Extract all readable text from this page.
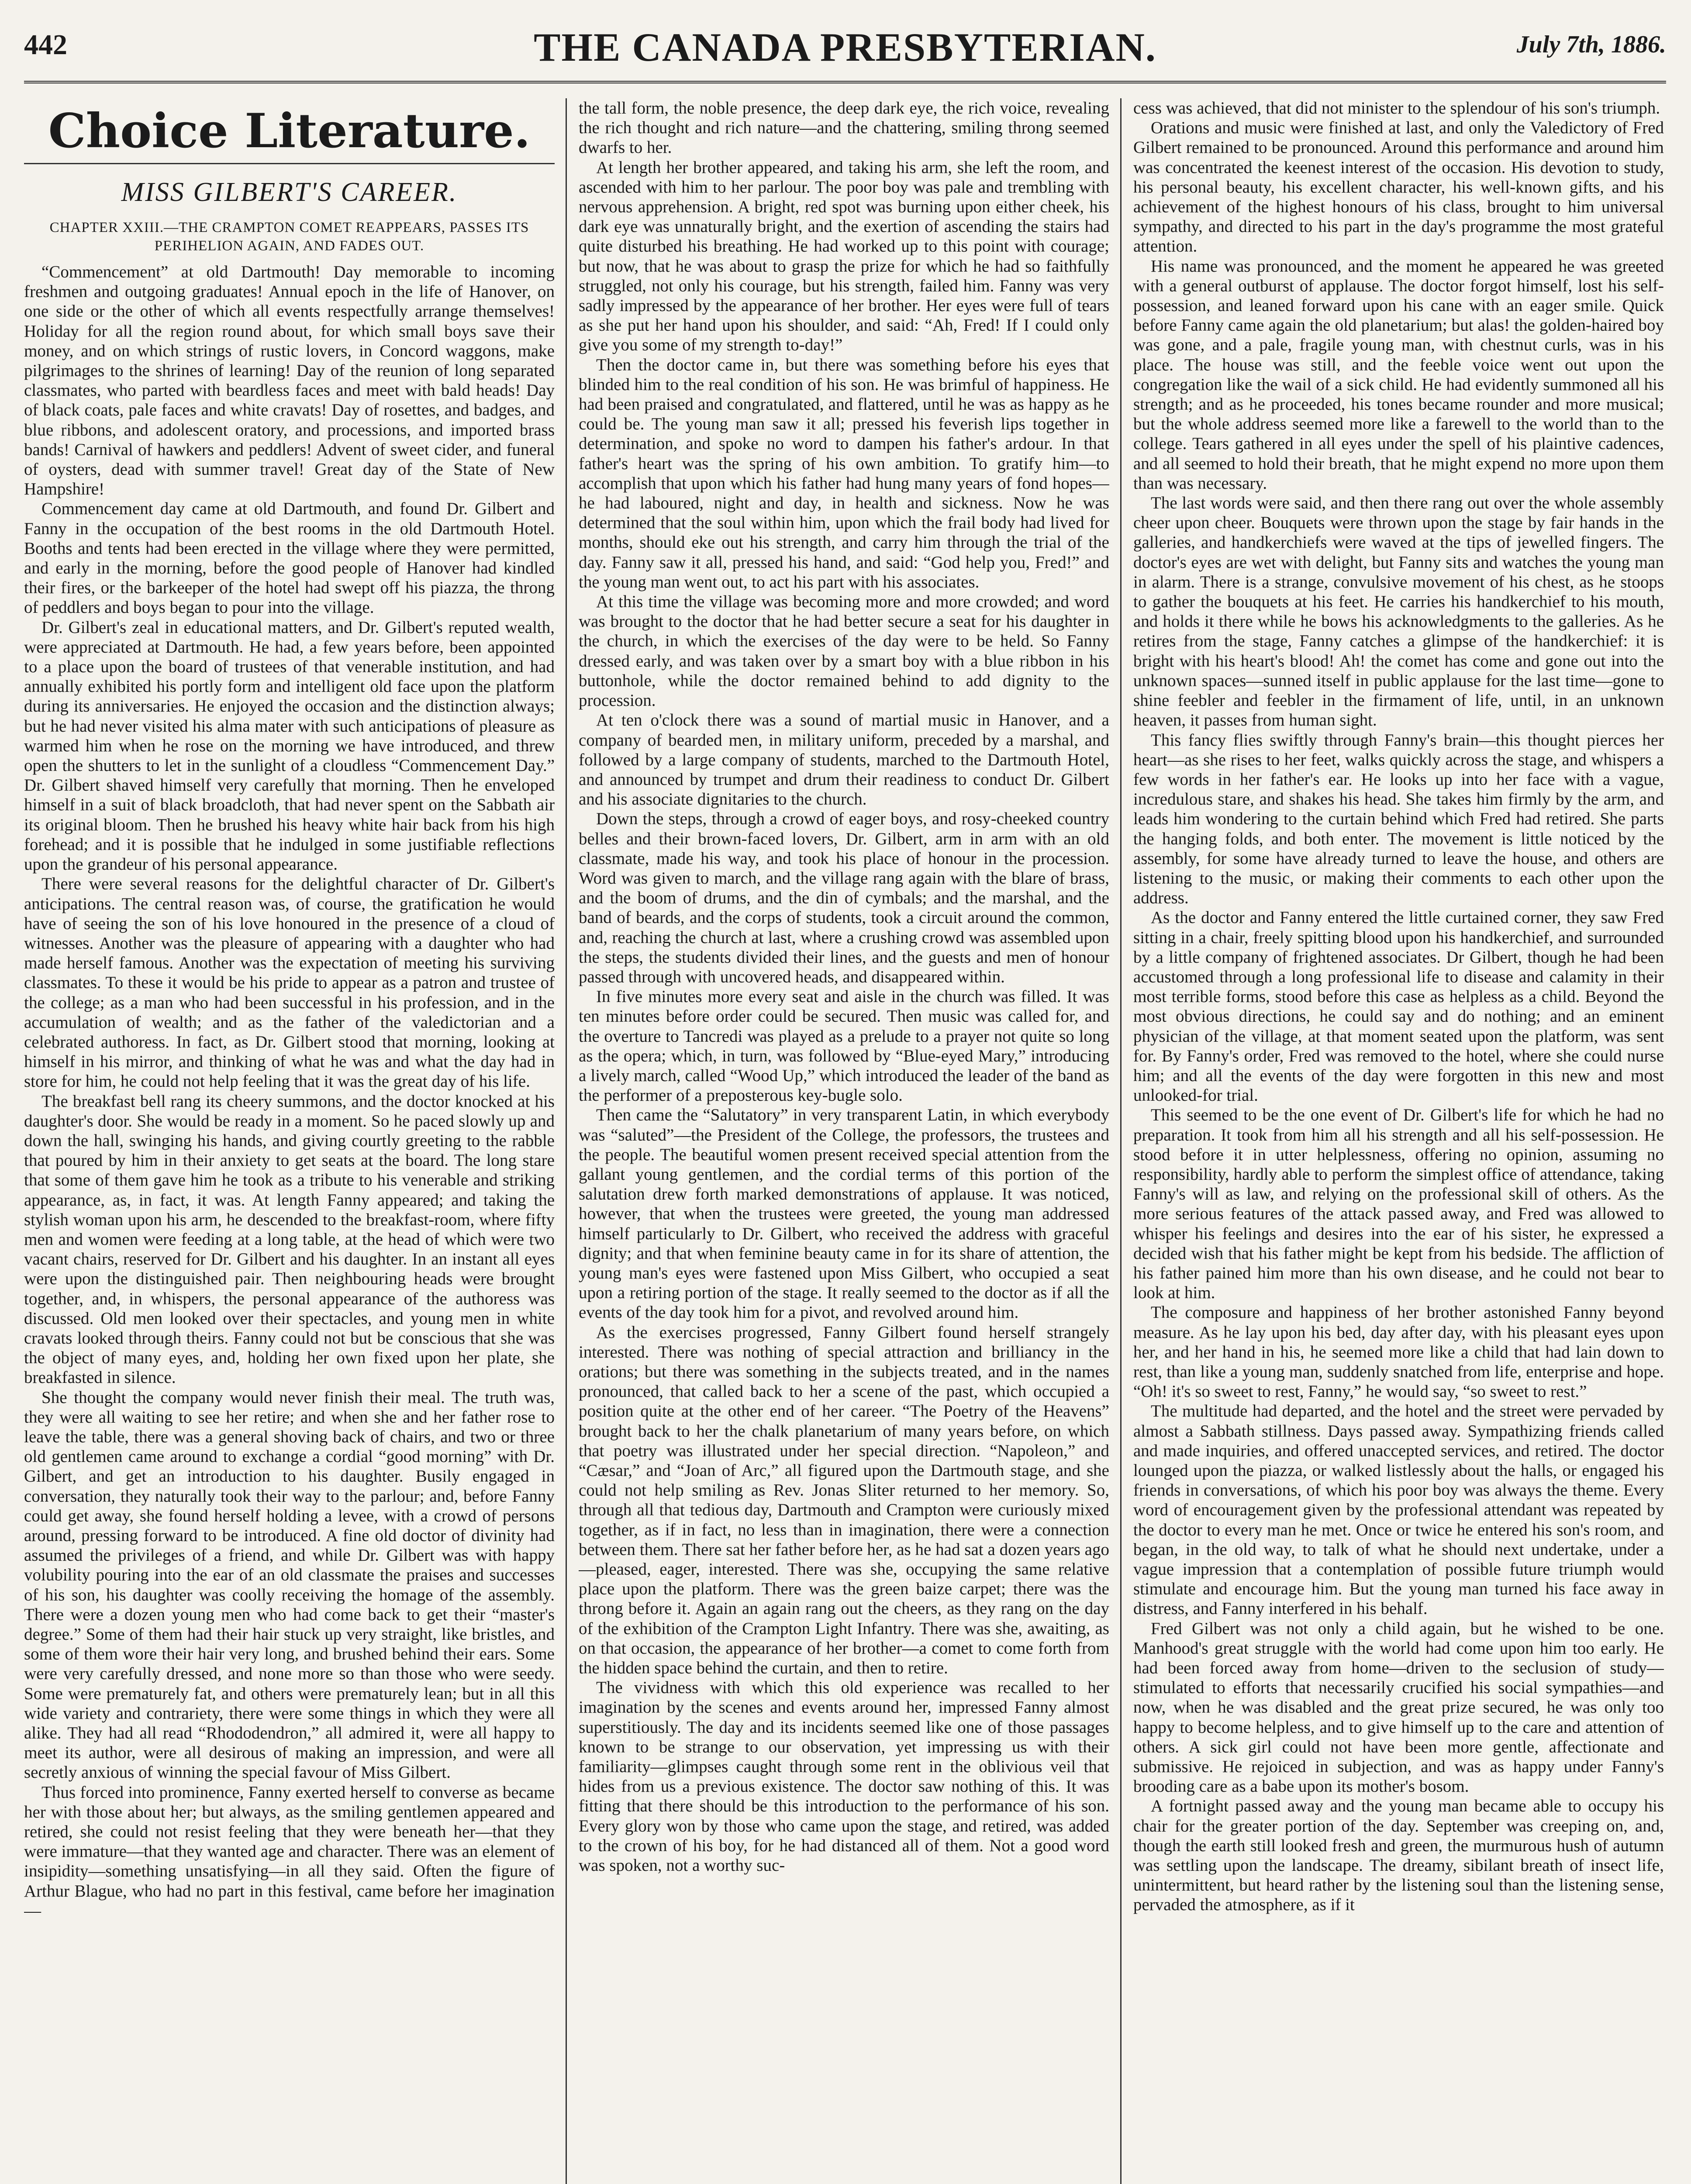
442	THE CANADA PRESBYTERIAN.	July 7th, 1886.
Choice Literature.
MISS GILBERT'S CAREER.
CHAPTER XXIII.—THE CRAMPTON COMET REAPPEARS, PASSES ITS PERIHELION AGAIN, AND FADES OUT.

“Commencement” at old Dartmouth! Day memorable to incoming freshmen and outgoing graduates! Annual epoch in the life of Hanover, on one side or the other of which all events respectfully arrange themselves! Holiday for all the region round about, for which small boys save their money, and on which strings of rustic lovers, in Concord waggons, make pilgrimages to the shrines of learning! Day of the reunion of long separated classmates, who parted with beardless faces and meet with bald heads! Day of black coats, pale faces and white cravats! Day of rosettes, and badges, and blue ribbons, and adolescent oratory, and processions, and imported brass bands! Carnival of hawkers and peddlers! Advent of sweet cider, and funeral of oysters, dead with summer travel! Great day of the State of New Hampshire!

Commencement day came at old Dartmouth, and found Dr. Gilbert and Fanny in the occupation of the best rooms in the old Dartmouth Hotel. Booths and tents had been erected in the village where they were permitted, and early in the morning, before the good people of Hanover had kindled their fires, or the barkeeper of the hotel had swept off his piazza, the throng of peddlers and boys began to pour into the village.

Dr. Gilbert's zeal in educational matters, and Dr. Gilbert's reputed wealth, were appreciated at Dartmouth. He had, a few years before, been appointed to a place upon the board of trustees of that venerable institution, and had annually exhibited his portly form and intelligent old face upon the platform during its anniversaries. He enjoyed the occasion and the distinction always; but he had never visited his alma mater with such anticipations of pleasure as warmed him when he rose on the morning we have introduced, and threw open the shutters to let in the sunlight of a cloudless “Commencement Day.” Dr. Gilbert shaved himself very carefully that morning. Then he enveloped himself in a suit of black broadcloth, that had never spent on the Sabbath air its original bloom. Then he brushed his heavy white hair back from his high forehead; and it is possible that he indulged in some justifiable reflections upon the grandeur of his personal appearance.

There were several reasons for the delightful character of Dr. Gilbert's anticipations. The central reason was, of course, the gratification he would have of seeing the son of his love honoured in the presence of a cloud of witnesses. Another was the pleasure of appearing with a daughter who had made herself famous. Another was the expectation of meeting his surviving classmates. To these it would be his pride to appear as a patron and trustee of the college; as a man who had been successful in his profession, and in the accumulation of wealth; and as the father of the valedictorian and a celebrated authoress. In fact, as Dr. Gilbert stood that morning, looking at himself in his mirror, and thinking of what he was and what the day had in store for him, he could not help feeling that it was the great day of his life.

The breakfast bell rang its cheery summons, and the doctor knocked at his daughter's door. She would be ready in a moment. So he paced slowly up and down the hall, swinging his hands, and giving courtly greeting to the rabble that poured by him in their anxiety to get seats at the board. The long stare that some of them gave him he took as a tribute to his venerable and striking appearance, as, in fact, it was. At length Fanny appeared; and taking the stylish woman upon his arm, he descended to the breakfast-room, where fifty men and women were feeding at a long table, at the head of which were two vacant chairs, reserved for Dr. Gilbert and his daughter. In an instant all eyes were upon the distinguished pair. Then neighbouring heads were brought together, and, in whispers, the personal appearance of the authoress was discussed. Old men looked over their spectacles, and young men in white cravats looked through theirs. Fanny could not but be conscious that she was the object of many eyes, and, holding her own fixed upon her plate, she breakfasted in silence.

She thought the company would never finish their meal. The truth was, they were all waiting to see her retire; and when she and her father rose to leave the table, there was a general shoving back of chairs, and two or three old gentlemen came around to exchange a cordial “good morning” with Dr. Gilbert, and get an introduction to his daughter. Busily engaged in conversation, they naturally took their way to the parlour; and, before Fanny could get away, she found herself holding a levee, with a crowd of persons around, pressing forward to be introduced. A fine old doctor of divinity had assumed the privileges of a friend, and while Dr. Gilbert was with happy volubility pouring into the ear of an old classmate the praises and successes of his son, his daughter was coolly receiving the homage of the assembly. There were a dozen young men who had come back to get their “master's degree.” Some of them had their hair stuck up very straight, like bristles, and some of them wore their hair very long, and brushed behind their ears. Some were very carefully dressed, and none more so than those who were seedy. Some were prematurely fat, and others were prematurely lean; but in all this wide variety and contrariety, there were some things in which they were all alike. They had all read “Rhododendron,” all admired it, were all happy to meet its author, were all desirous of making an impression, and were all secretly anxious of winning the special favour of Miss Gilbert.

Thus forced into prominence, Fanny exerted herself to converse as became her with those about her; but always, as the smiling gentlemen appeared and retired, she could not resist feeling that they were beneath her—that they were immature—that they wanted age and character. There was an element of insipidity—something unsatisfying—in all they said. Often the figure of Arthur Blague, who had no part in this festival, came before her imagination—

the tall form, the noble presence, the deep dark eye, the rich voice, revealing the rich thought and rich nature—and the chattering, smiling throng seemed dwarfs to her.

At length her brother appeared, and taking his arm, she left the room, and ascended with him to her parlour. The poor boy was pale and trembling with nervous apprehension. A bright, red spot was burning upon either cheek, his dark eye was unnaturally bright, and the exertion of ascending the stairs had quite disturbed his breathing. He had worked up to this point with courage; but now, that he was about to grasp the prize for which he had so faithfully struggled, not only his courage, but his strength, failed him. Fanny was very sadly impressed by the appearance of her brother. Her eyes were full of tears as she put her hand upon his shoulder, and said: “Ah, Fred! If I could only give you some of my strength to-day!”

Then the doctor came in, but there was something before his eyes that blinded him to the real condition of his son. He was brimful of happiness. He had been praised and congratulated, and flattered, until he was as happy as he could be. The young man saw it all; pressed his feverish lips together in determination, and spoke no word to dampen his father's ardour. In that father's heart was the spring of his own ambition. To gratify him—to accomplish that upon which his father had hung many years of fond hopes—he had laboured, night and day, in health and sickness. Now he was determined that the soul within him, upon which the frail body had lived for months, should eke out his strength, and carry him through the trial of the day. Fanny saw it all, pressed his hand, and said: “God help you, Fred!” and the young man went out, to act his part with his associates.

At this time the village was becoming more and more crowded; and word was brought to the doctor that he had better secure a seat for his daughter in the church, in which the exercises of the day were to be held. So Fanny dressed early, and was taken over by a smart boy with a blue ribbon in his buttonhole, while the doctor remained behind to add dignity to the procession.

At ten o'clock there was a sound of martial music in Hanover, and a company of bearded men, in military uniform, preceded by a marshal, and followed by a large company of students, marched to the Dartmouth Hotel, and announced by trumpet and drum their readiness to conduct Dr. Gilbert and his associate dignitaries to the church.

Down the steps, through a crowd of eager boys, and rosy-cheeked country belles and their brown-faced lovers, Dr. Gilbert, arm in arm with an old classmate, made his way, and took his place of honour in the procession. Word was given to march, and the village rang again with the blare of brass, and the boom of drums, and the din of cymbals; and the marshal, and the band of beards, and the corps of students, took a circuit around the common, and, reaching the church at last, where a crushing crowd was assembled upon the steps, the students divided their lines, and the guests and men of honour passed through with uncovered heads, and disappeared within.

In five minutes more every seat and aisle in the church was filled. It was ten minutes before order could be secured. Then music was called for, and the overture to Tancredi was played as a prelude to a prayer not quite so long as the opera; which, in turn, was followed by “Blue-eyed Mary,” introducing a lively march, called “Wood Up,” which introduced the leader of the band as the performer of a preposterous key-bugle solo.

Then came the “Salutatory” in very transparent Latin, in which everybody was “saluted”—the President of the College, the professors, the trustees and the people. The beautiful women present received special attention from the gallant young gentlemen, and the cordial terms of this portion of the salutation drew forth marked demonstrations of applause. It was noticed, however, that when the trustees were greeted, the young man addressed himself particularly to Dr. Gilbert, who received the address with graceful dignity; and that when feminine beauty came in for its share of attention, the young man's eyes were fastened upon Miss Gilbert, who occupied a seat upon a retiring portion of the stage. It really seemed to the doctor as if all the events of the day took him for a pivot, and revolved around him.

As the exercises progressed, Fanny Gilbert found herself strangely interested. There was nothing of special attraction and brilliancy in the orations; but there was something in the subjects treated, and in the names pronounced, that called back to her a scene of the past, which occupied a position quite at the other end of her career. “The Poetry of the Heavens” brought back to her the chalk planetarium of many years before, on which that poetry was illustrated under her special direction. “Napoleon,” and “Cæsar,” and “Joan of Arc,” all figured upon the Dartmouth stage, and she could not help smiling as Rev. Jonas Sliter returned to her memory. So, through all that tedious day, Dartmouth and Crampton were curiously mixed together, as if in fact, no less than in imagination, there were a connection between them. There sat her father before her, as he had sat a dozen years ago—pleased, eager, interested. There was she, occupying the same relative place upon the platform. There was the green baize carpet; there was the throng before it. Again an again rang out the cheers, as they rang on the day of the exhibition of the Crampton Light Infantry. There was she, awaiting, as on that occasion, the appearance of her brother—a comet to come forth from the hidden space behind the curtain, and then to retire.

The vividness with which this old experience was recalled to her imagination by the scenes and events around her, impressed Fanny almost superstitiously. The day and its incidents seemed like one of those passages known to be strange to our observation, yet impressing us with their familiarity—glimpses caught through some rent in the oblivious veil that hides from us a previous existence. The doctor saw nothing of this. It was fitting that there should be this introduction to the performance of his son. Every glory won by those who came upon the stage, and retired, was added to the crown of his boy, for he had distanced all of them. Not a good word was spoken, not a worthy suc-

cess was achieved, that did not minister to the splendour of his son's triumph.

Orations and music were finished at last, and only the Valedictory of Fred Gilbert remained to be pronounced. Around this performance and around him was concentrated the keenest interest of the occasion. His devotion to study, his personal beauty, his excellent character, his well-known gifts, and his achievement of the highest honours of his class, brought to him universal sympathy, and directed to his part in the day's programme the most grateful attention.

His name was pronounced, and the moment he appeared he was greeted with a general outburst of applause. The doctor forgot himself, lost his self-possession, and leaned forward upon his cane with an eager smile. Quick before Fanny came again the old planetarium; but alas! the golden-haired boy was gone, and a pale, fragile young man, with chestnut curls, was in his place. The house was still, and the feeble voice went out upon the congregation like the wail of a sick child. He had evidently summoned all his strength; and as he proceeded, his tones became rounder and more musical; but the whole address seemed more like a farewell to the world than to the college. Tears gathered in all eyes under the spell of his plaintive cadences, and all seemed to hold their breath, that he might expend no more upon them than was necessary.

The last words were said, and then there rang out over the whole assembly cheer upon cheer. Bouquets were thrown upon the stage by fair hands in the galleries, and handkerchiefs were waved at the tips of jewelled fingers. The doctor's eyes are wet with delight, but Fanny sits and watches the young man in alarm. There is a strange, convulsive movement of his chest, as he stoops to gather the bouquets at his feet. He carries his handkerchief to his mouth, and holds it there while he bows his acknowledgments to the galleries. As he retires from the stage, Fanny catches a glimpse of the handkerchief: it is bright with his heart's blood! Ah! the comet has come and gone out into the unknown spaces—sunned itself in public applause for the last time—gone to shine feebler and feebler in the firmament of life, until, in an unknown heaven, it passes from human sight.

This fancy flies swiftly through Fanny's brain—this thought pierces her heart—as she rises to her feet, walks quickly across the stage, and whispers a few words in her father's ear. He looks up into her face with a vague, incredulous stare, and shakes his head. She takes him firmly by the arm, and leads him wondering to the curtain behind which Fred had retired. She parts the hanging folds, and both enter. The movement is little noticed by the assembly, for some have already turned to leave the house, and others are listening to the music, or making their comments to each other upon the address.

As the doctor and Fanny entered the little curtained corner, they saw Fred sitting in a chair, freely spitting blood upon his handkerchief, and surrounded by a little company of frightened associates. Dr Gilbert, though he had been accustomed through a long professional life to disease and calamity in their most terrible forms, stood before this case as helpless as a child. Beyond the most obvious directions, he could say and do nothing; and an eminent physician of the village, at that moment seated upon the platform, was sent for. By Fanny's order, Fred was removed to the hotel, where she could nurse him; and all the events of the day were forgotten in this new and most unlooked-for trial.

This seemed to be the one event of Dr. Gilbert's life for which he had no preparation. It took from him all his strength and all his self-possession. He stood before it in utter helplessness, offering no opinion, assuming no responsibility, hardly able to perform the simplest office of attendance, taking Fanny's will as law, and relying on the professional skill of others. As the more serious features of the attack passed away, and Fred was allowed to whisper his feelings and desires into the ear of his sister, he expressed a decided wish that his father might be kept from his bedside. The affliction of his father pained him more than his own disease, and he could not bear to look at him.

The composure and happiness of her brother astonished Fanny beyond measure. As he lay upon his bed, day after day, with his pleasant eyes upon her, and her hand in his, he seemed more like a child that had lain down to rest, than like a young man, suddenly snatched from life, enterprise and hope. “Oh! it's so sweet to rest, Fanny,” he would say, “so sweet to rest.”

The multitude had departed, and the hotel and the street were pervaded by almost a Sabbath stillness. Days passed away. Sympathizing friends called and made inquiries, and offered unaccepted services, and retired. The doctor lounged upon the piazza, or walked listlessly about the halls, or engaged his friends in conversations, of which his poor boy was always the theme. Every word of encouragement given by the professional attendant was repeated by the doctor to every man he met. Once or twice he entered his son's room, and began, in the old way, to talk of what he should next undertake, under a vague impression that a contemplation of possible future triumph would stimulate and encourage him. But the young man turned his face away in distress, and Fanny interfered in his behalf.

Fred Gilbert was not only a child again, but he wished to be one. Manhood's great struggle with the world had come upon him too early. He had been forced away from home—driven to the seclusion of study—stimulated to efforts that necessarily crucified his social sympathies—and now, when he was disabled and the great prize secured, he was only too happy to become helpless, and to give himself up to the care and attention of others. A sick girl could not have been more gentle, affectionate and submissive. He rejoiced in subjection, and was as happy under Fanny's brooding care as a babe upon its mother's bosom.

A fortnight passed away and the young man became able to occupy his chair for the greater portion of the day. September was creeping on, and, though the earth still looked fresh and green, the murmurous hush of autumn was settling upon the landscape. The dreamy, sibilant breath of insect life, unintermittent, but heard rather by the listening soul than the listening sense, pervaded the atmosphere, as if it
